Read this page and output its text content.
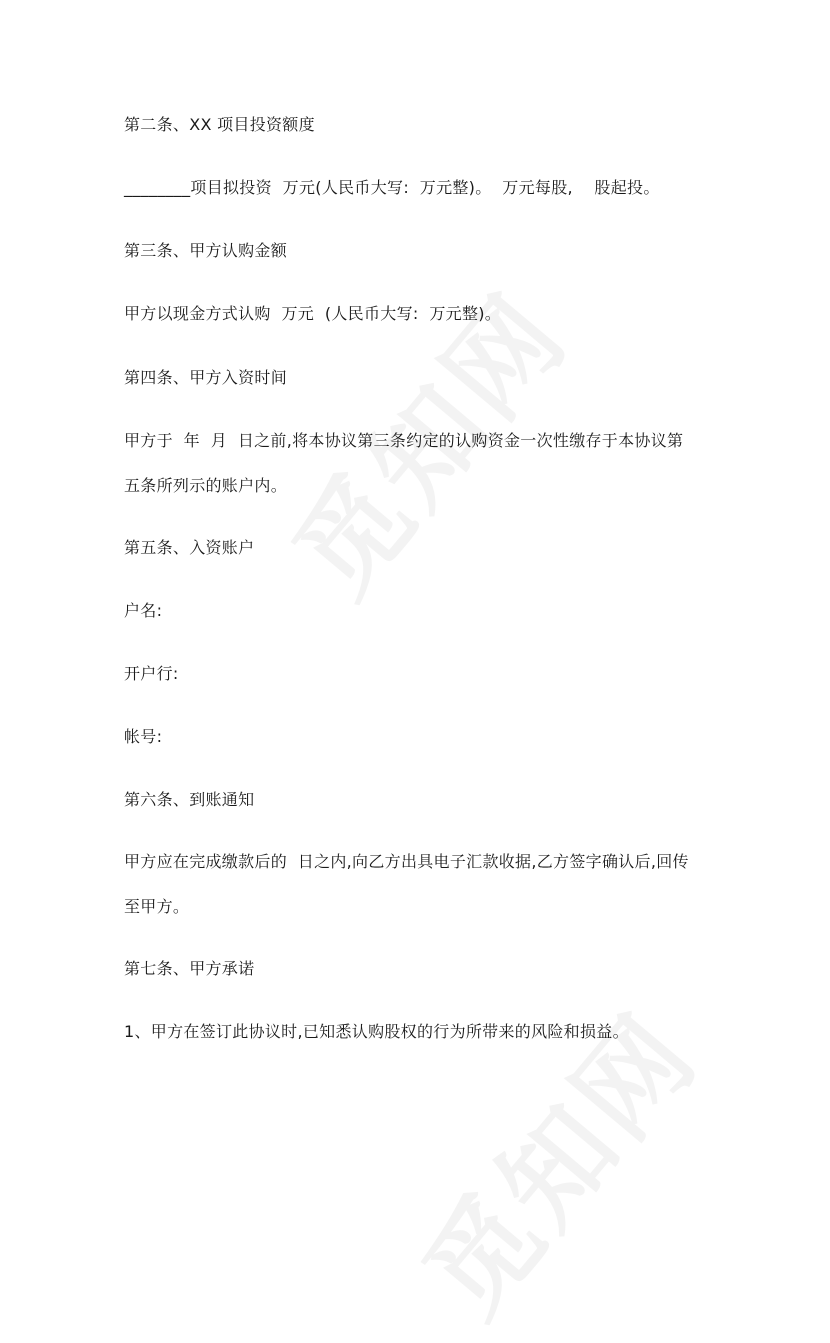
第二条、XX 项目投资额度
________项目拟投资  万元(人民币大写:  万元整)。  万元每股,    股起投。
第三条、甲方认购金额
甲方以现金方式认购  万元  (人民币大写:  万元整)。
第四条、甲方入资时间
甲方于  年  月  日之前,将本协议第三条约定的认购资金一次性缴存于本协议第
五条所列示的账户内。
第五条、入资账户
户名:
开户行:
帐号:
第六条、到账通知
甲方应在完成缴款后的  日之内,向乙方出具电子汇款收据,乙方签字确认后,回传
至甲方。
第七条、甲方承诺
1、甲方在签订此协议时,已知悉认购股权的行为所带来的风险和损益。
